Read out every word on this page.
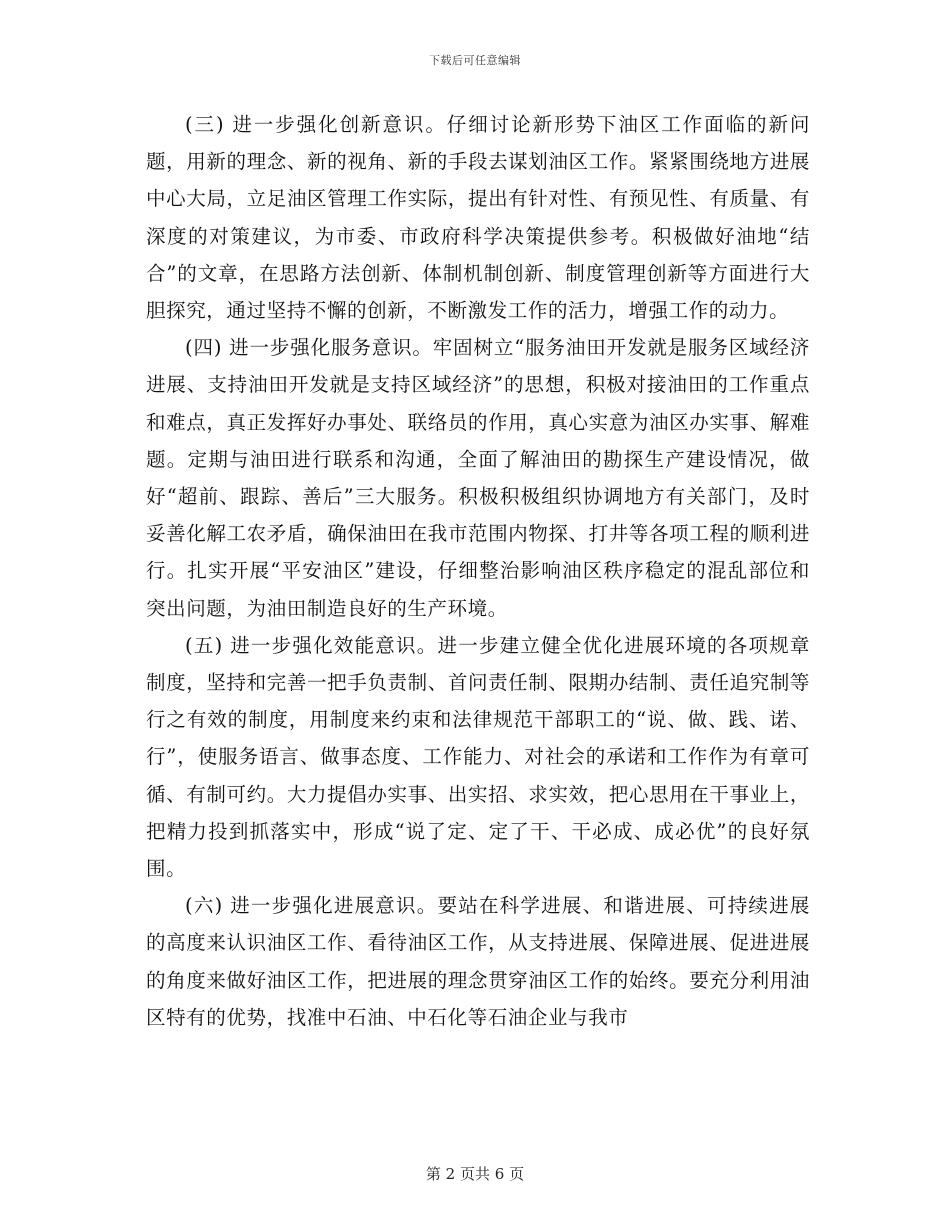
下载后可任意编辑

(三) 进一步强化创新意识。仔细讨论新形势下油区工作面临的新问题，用新的理念、新的视角、新的手段去谋划油区工作。紧紧围绕地方进展中心大局，立足油区管理工作实际，提出有针对性、有预见性、有质量、有深度的对策建议，为市委、市政府科学决策提供参考。积极做好油地“结合”的文章，在思路方法创新、体制机制创新、制度管理创新等方面进行大胆探究，通过坚持不懈的创新，不断激发工作的活力，增强工作的动力。

(四) 进一步强化服务意识。牢固树立“服务油田开发就是服务区域经济进展、支持油田开发就是支持区域经济”的思想，积极对接油田的工作重点和难点，真正发挥好办事处、联络员的作用，真心实意为油区办实事、解难题。定期与油田进行联系和沟通，全面了解油田的勘探生产建设情况，做好“超前、跟踪、善后”三大服务。积极积极组织协调地方有关部门，及时妥善化解工农矛盾，确保油田在我市范围内物探、打井等各项工程的顺利进行。扎实开展“平安油区”建设，仔细整治影响油区秩序稳定的混乱部位和突出问题，为油田制造良好的生产环境。

(五) 进一步强化效能意识。进一步建立健全优化进展环境的各项规章制度，坚持和完善一把手负责制、首问责任制、限期办结制、责任追究制等行之有效的制度，用制度来约束和法律规范干部职工的“说、做、践、诺、行”，使服务语言、做事态度、工作能力、对社会的承诺和工作作为有章可循、有制可约。大力提倡办实事、出实招、求实效，把心思用在干事业上，把精力投到抓落实中，形成“说了定、定了干、干必成、成必优”的良好氛围。

(六) 进一步强化进展意识。要站在科学进展、和谐进展、可持续进展的高度来认识油区工作、看待油区工作，从支持进展、保障进展、促进进展的角度来做好油区工作，把进展的理念贯穿油区工作的始终。要充分利用油区特有的优势，找准中石油、中石化等石油企业与我市

第 2 页共 6 页
